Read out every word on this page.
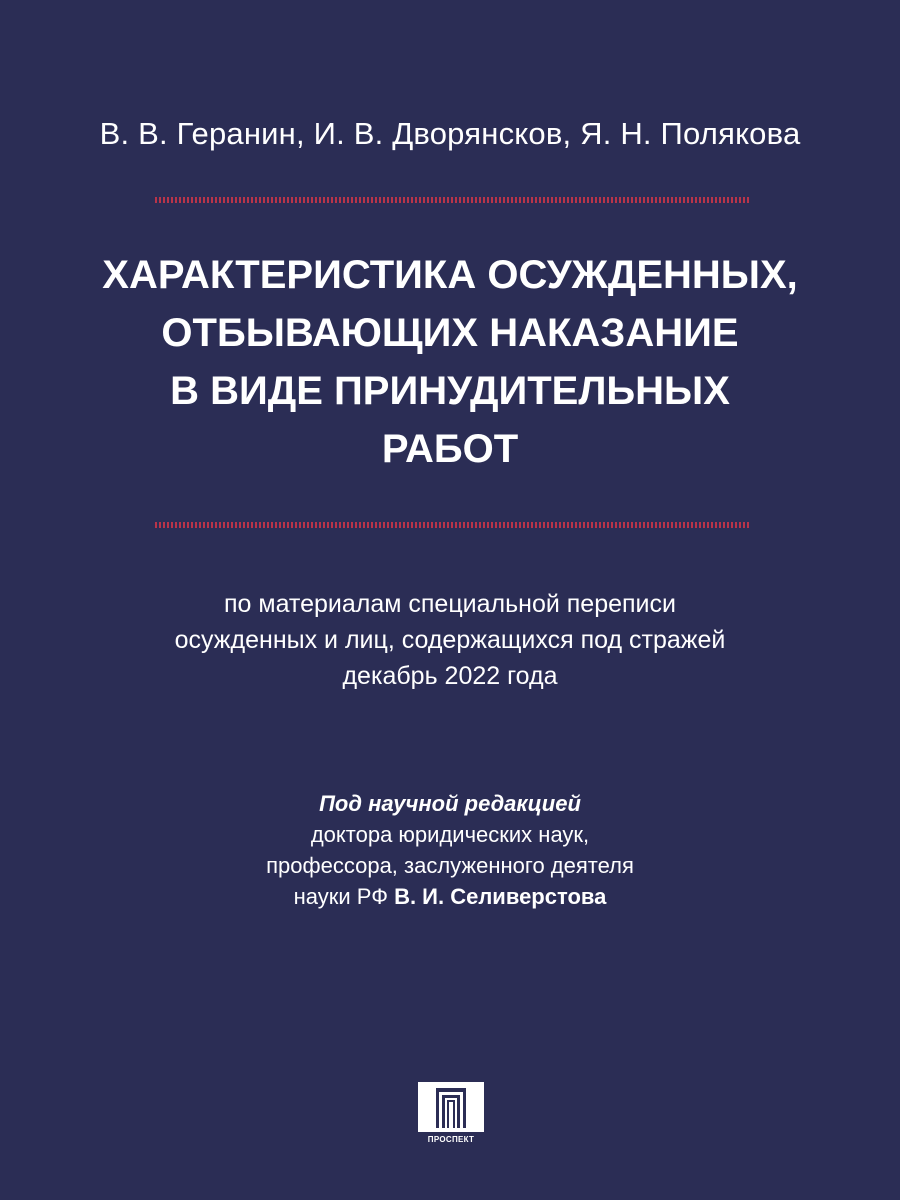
В. В. Геранин, И. В. Дворянсков, Я. Н. Полякова
ХАРАКТЕРИСТИКА ОСУЖДЕННЫХ,
ОТБЫВАЮЩИХ НАКАЗАНИЕ
В ВИДЕ ПРИНУДИТЕЛЬНЫХ
РАБОТ
по материалам специальной переписи
осужденных и лиц, содержащихся под стражей
декабрь 2022 года
Под научной редакцией
доктора юридических наук,
профессора, заслуженного деятеля
науки РФ В. И. Селиверстова
ПРОСПЕКТ
